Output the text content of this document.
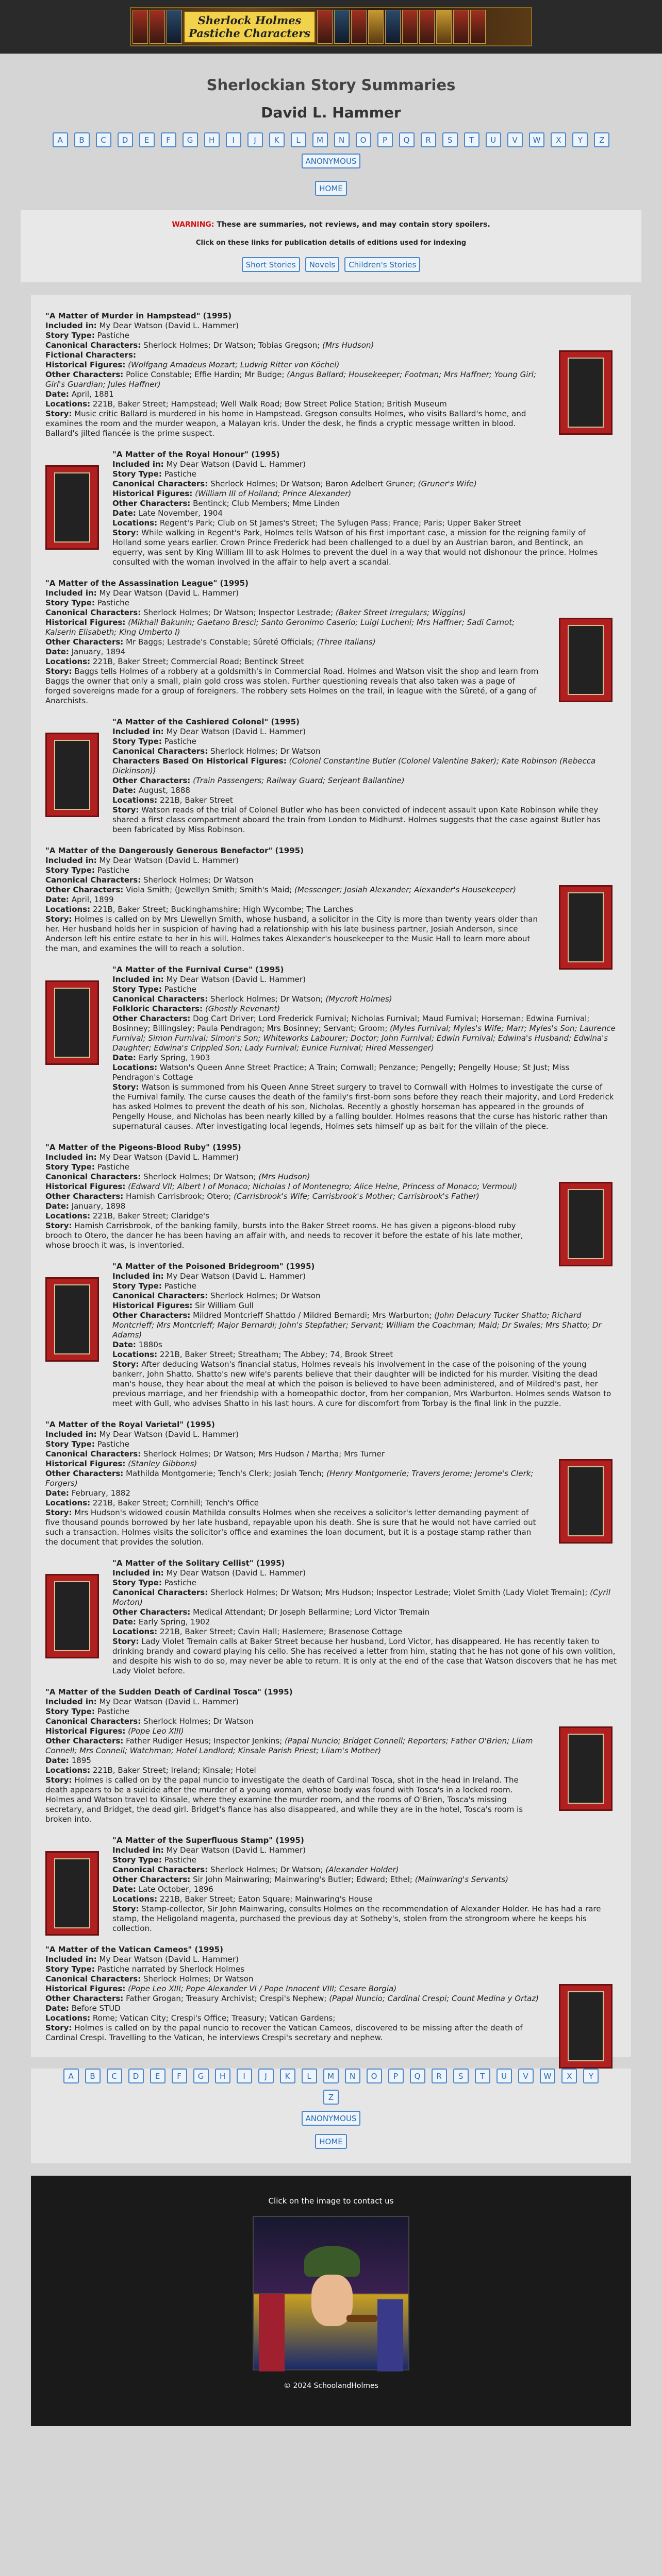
Sherlock Holmes
Pastiche Characters
Sherlockian Story Summaries
David L. Hammer
A	B	C	D	E	F	G	H	I	J	K	L	M	N	O	P	Q	R	S	T	U	V	W	X	Y	Z
ANONYMOUS
HOME
WARNING: These are summaries, not reviews, and may contain story spoilers.
Click on these links for publication details of editions used for indexing
Short Stories	Novels	Children's Stories
"A Matter of Murder in Hampstead" (1995)
Included in: My Dear Watson (David L. Hammer)
Story Type: Pastiche
Canonical Characters: Sherlock Holmes; Dr Watson; Tobias Gregson; (Mrs Hudson)
Fictional Characters:
Historical Figures: (Wolfgang Amadeus Mozart; Ludwig Ritter von Köchel)
Other Characters: Police Constable; Effie Hardin; Mr Budge; (Angus Ballard; Housekeeper; Footman; Mrs Haffner; Young Girl; Girl's Guardian; Jules Haffner)
Date: April, 1881
Locations: 221B, Baker Street; Hampstead; Well Walk Road; Bow Street Police Station; British Museum
Story: Music critic Ballard is murdered in his home in Hampstead. Gregson consults Holmes, who visits Ballard's home, and examines the room and the murder weapon, a Malayan kris. Under the desk, he finds a cryptic message written in blood. Ballard's jilted fiancée is the prime suspect.
"A Matter of the Royal Honour" (1995)
Included in: My Dear Watson (David L. Hammer)
Story Type: Pastiche
Canonical Characters: Sherlock Holmes; Dr Watson; Baron Adelbert Gruner; (Gruner's Wife)
Historical Figures: (William III of Holland; Prince Alexander)
Other Characters: Bentinck; Club Members; Mme Linden
Date: Late November, 1904
Locations: Regent's Park; Club on St James's Street; The Sylugen Pass; France; Paris; Upper Baker Street
Story: While walking in Regent's Park, Holmes tells Watson of his first important case, a mission for the reigning family of Holland some years earlier. Crown Prince Frederick had been challenged to a duel by an Austrian baron, and Bentinck, an equerry, was sent by King William III to ask Holmes to prevent the duel in a way that would not dishonour the prince. Holmes consulted with the woman involved in the affair to help avert a scandal.
"A Matter of the Assassination League" (1995)
Included in: My Dear Watson (David L. Hammer)
Story Type: Pastiche
Canonical Characters: Sherlock Holmes; Dr Watson; Inspector Lestrade; (Baker Street Irregulars; Wiggins)
Historical Figures: (Mikhail Bakunin; Gaetano Bresci; Santo Geronimo Caserio; Luigi Lucheni; Mrs Haffner; Sadi Carnot; Kaiserin Elisabeth; King Umberto I)
Other Characters: Mr Baggs; Lestrade's Constable; Sûreté Officials; (Three Italians)
Date: January, 1894
Locations: 221B, Baker Street; Commercial Road; Bentinck Street
Story: Baggs tells Holmes of a robbery at a goldsmith's in Commercial Road. Holmes and Watson visit the shop and learn from Baggs the owner that only a small, plain gold cross was stolen. Further questioning reveals that also taken was a page of forged sovereigns made for a group of foreigners. The robbery sets Holmes on the trail, in league with the Sûreté, of a gang of Anarchists.
"A Matter of the Cashiered Colonel" (1995)
Included in: My Dear Watson (David L. Hammer)
Story Type: Pastiche
Canonical Characters: Sherlock Holmes; Dr Watson
Characters Based On Historical Figures: (Colonel Constantine Butler (Colonel Valentine Baker); Kate Robinson (Rebecca Dickinson))
Other Characters: (Train Passengers; Railway Guard; Serjeant Ballantine)
Date: August, 1888
Locations: 221B, Baker Street
Story: Watson reads of the trial of Colonel Butler who has been convicted of indecent assault upon Kate Robinson while they shared a first class compartment aboard the train from London to Midhurst. Holmes suggests that the case against Butler has been fabricated by Miss Robinson.
"A Matter of the Dangerously Generous Benefactor" (1995)
Included in: My Dear Watson (David L. Hammer)
Story Type: Pastiche
Canonical Characters: Sherlock Holmes; Dr Watson
Other Characters: Viola Smith; (Jewellyn Smith; Smith's Maid; (Messenger; Josiah Alexander; Alexander's Housekeeper)
Date: April, 1899
Locations: 221B, Baker Street; Buckinghamshire; High Wycombe; The Larches
Story: Holmes is called on by Mrs Llewellyn Smith, whose husband, a solicitor in the City is more than twenty years older than her. Her husband holds her in suspicion of having had a relationship with his late business partner, Josiah Anderson, since Anderson left his entire estate to her in his will. Holmes takes Alexander's housekeeper to the Music Hall to learn more about the man, and examines the will to reach a solution.
"A Matter of the Furnival Curse" (1995)
Included in: My Dear Watson (David L. Hammer)
Story Type: Pastiche
Canonical Characters: Sherlock Holmes; Dr Watson; (Mycroft Holmes)
Folkloric Characters: (Ghostly Revenant)
Other Characters: Dog Cart Driver; Lord Frederick Furnival; Nicholas Furnival; Maud Furnival; Horseman; Edwina Furnival; Bosinney; Billingsley; Paula Pendragon; Mrs Bosinney; Servant; Groom; (Myles Furnival; Myles's Wife; Marr; Myles's Son; Laurence Furnival; Simon Furnival; Simon's Son; Whiteworks Labourer; Doctor; John Furnival; Edwin Furnival; Edwina's Husband; Edwina's Daughter; Edwina's Crippled Son; Lady Furnival; Eunice Furnival; Hired Messenger)
Date: Early Spring, 1903
Locations: Watson's Queen Anne Street Practice; A Train; Cornwall; Penzance; Pengelly; Pengelly House; St Just; Miss Pendragon's Cottage
Story: Watson is summoned from his Queen Anne Street surgery to travel to Cornwall with Holmes to investigate the curse of the Furnival family. The curse causes the death of the family's first-born sons before they reach their majority, and Lord Frederick has asked Holmes to prevent the death of his son, Nicholas. Recently a ghostly horseman has appeared in the grounds of Pengelly House, and Nicholas has been nearly killed by a falling boulder. Holmes reasons that the curse has historic rather than supernatural causes. After investigating local legends, Holmes sets himself up as bait for the villain of the piece.
"A Matter of the Pigeons-Blood Ruby" (1995)
Included in: My Dear Watson (David L. Hammer)
Story Type: Pastiche
Canonical Characters: Sherlock Holmes; Dr Watson; (Mrs Hudson)
Historical Figures: (Edward VII; Albert I of Monaco; Nicholas I of Montenegro; Alice Heine, Princess of Monaco; Vermoul)
Other Characters: Hamish Carrisbrook; Otero; (Carrisbrook's Wife; Carrisbrook's Mother; Carrisbrook's Father)
Date: January, 1898
Locations: 221B, Baker Street; Claridge's
Story: Hamish Carrisbrook, of the banking family, bursts into the Baker Street rooms. He has given a pigeons-blood ruby brooch to Otero, the dancer he has been having an affair with, and needs to recover it before the estate of his late mother, whose brooch it was, is inventoried.
"A Matter of the Poisoned Bridegroom" (1995)
Included in: My Dear Watson (David L. Hammer)
Story Type: Pastiche
Canonical Characters: Sherlock Holmes; Dr Watson
Historical Figures: Sir William Gull
Other Characters: Mildred Montcrieff Shattdo / Mildred Bernardi; Mrs Warburton; (John Delacury Tucker Shatto; Richard Montcrieff; Mrs Montcrieff; Major Bernardi; John's Stepfather; Servant; William the Coachman; Maid; Dr Swales; Mrs Shatto; Dr Adams)
Date: 1880s
Locations: 221B, Baker Street; Streatham; The Abbey; 74, Brook Street
Story: After deducing Watson's financial status, Holmes reveals his involvement in the case of the poisoning of the young bankerr, John Shatto. Shatto's new wife's parents believe that their daughter will be indicted for his murder. Visiting the dead man's house, they hear about the meal at which the poison is believed to have been administered, and of Mildred's past, her previous marriage, and her friendship with a homeopathic doctor, from her companion, Mrs Warburton. Holmes sends Watson to meet with Gull, who advises Shatto in his last hours. A cure for discomfort from Torbay is the final link in the puzzle.
"A Matter of the Royal Varietal" (1995)
Included in: My Dear Watson (David L. Hammer)
Story Type: Pastiche
Canonical Characters: Sherlock Holmes; Dr Watson; Mrs Hudson / Martha; Mrs Turner
Historical Figures: (Stanley Gibbons)
Other Characters: Mathilda Montgomerie; Tench's Clerk; Josiah Tench; (Henry Montgomerie; Travers Jerome; Jerome's Clerk; Forgers)
Date: February, 1882
Locations: 221B, Baker Street; Cornhill; Tench's Office
Story: Mrs Hudson's widowed cousin Mathilda consults Holmes when she receives a solicitor's letter demanding payment of five thousand pounds borrowed by her late husband, repayable upon his death. She is sure that he would not have carried out such a transaction. Holmes visits the solicitor's office and examines the loan document, but it is a postage stamp rather than the document that provides the solution.
"A Matter of the Solitary Cellist" (1995)
Included in: My Dear Watson (David L. Hammer)
Story Type: Pastiche
Canonical Characters: Sherlock Holmes; Dr Watson; Mrs Hudson; Inspector Lestrade; Violet Smith (Lady Violet Tremain); (Cyril Morton)
Other Characters: Medical Attendant; Dr Joseph Bellarmine; Lord Victor Tremain
Date: Early Spring, 1902
Locations: 221B, Baker Street; Cavin Hall; Haslemere; Brasenose Cottage
Story: Lady Violet Tremain calls at Baker Street because her husband, Lord Victor, has disappeared. He has recently taken to drinking brandy and coward playing his cello. She has received a letter from him, stating that he has not gone of his own volition, and despite his wish to do so, may never be able to return. It is only at the end of the case that Watson discovers that he has met Lady Violet before.
"A Matter of the Sudden Death of Cardinal Tosca" (1995)
Included in: My Dear Watson (David L. Hammer)
Story Type: Pastiche
Canonical Characters: Sherlock Holmes; Dr Watson
Historical Figures: (Pope Leo XIII)
Other Characters: Father Rudiger Hesus; Inspector Jenkins; (Papal Nuncio; Bridget Connell; Reporters; Father O'Brien; Lliam Connell; Mrs Connell; Watchman; Hotel Landlord; Kinsale Parish Priest; Lliam's Mother)
Date: 1895
Locations: 221B, Baker Street; Ireland; Kinsale; Hotel
Story: Holmes is called on by the papal nuncio to investigate the death of Cardinal Tosca, shot in the head in Ireland. The death appears to be a suicide after the murder of a young woman, whose body was found with Tosca's in a locked room. Holmes and Watson travel to Kinsale, where they examine the murder room, and the rooms of O'Brien, Tosca's missing secretary, and Bridget, the dead girl. Bridget's fiance has also disappeared, and while they are in the hotel, Tosca's room is broken into.
"A Matter of the Superfluous Stamp" (1995)
Included in: My Dear Watson (David L. Hammer)
Story Type: Pastiche
Canonical Characters: Sherlock Holmes; Dr Watson; (Alexander Holder)
Other Characters: Sir John Mainwaring; Mainwaring's Butler; Edward; Ethel; (Mainwaring's Servants)
Date: Late October, 1896
Locations: 221B, Baker Street; Eaton Square; Mainwaring's House
Story: Stamp-collector, Sir John Mainwaring, consults Holmes on the recommendation of Alexander Holder. He has had a rare stamp, the Heligoland magenta, purchased the previous day at Sotheby's, stolen from the strongroom where he keeps his collection.
"A Matter of the Vatican Cameos" (1995)
Included in: My Dear Watson (David L. Hammer)
Story Type: Pastiche narrated by Sherlock Holmes
Canonical Characters: Sherlock Holmes; Dr Watson
Historical Figures: (Pope Leo XIII; Pope Alexander VI / Pope Innocent VIII; Cesare Borgia)
Other Characters: Father Grogan; Treasury Archivist; Crespi's Nephew; (Papal Nuncio; Cardinal Crespi; Count Medina y Ortaz)
Date: Before STUD
Locations: Rome; Vatican City; Crespi's Office; Treasury; Vatican Gardens;
Story: Holmes is called on by the papal nuncio to recover the Vatican Cameos, discovered to be missing after the death of Cardinal Crespi. Travelling to the Vatican, he interviews Crespi's secretary and nephew.
A	B	C	D	E	F	G	H	I	J	K	L	M	N	O	P	Q	R	S	T	U	V	W	X	Y
Z
ANONYMOUS
HOME
Click on the image to contact us
© 2024 SchoolandHolmes
